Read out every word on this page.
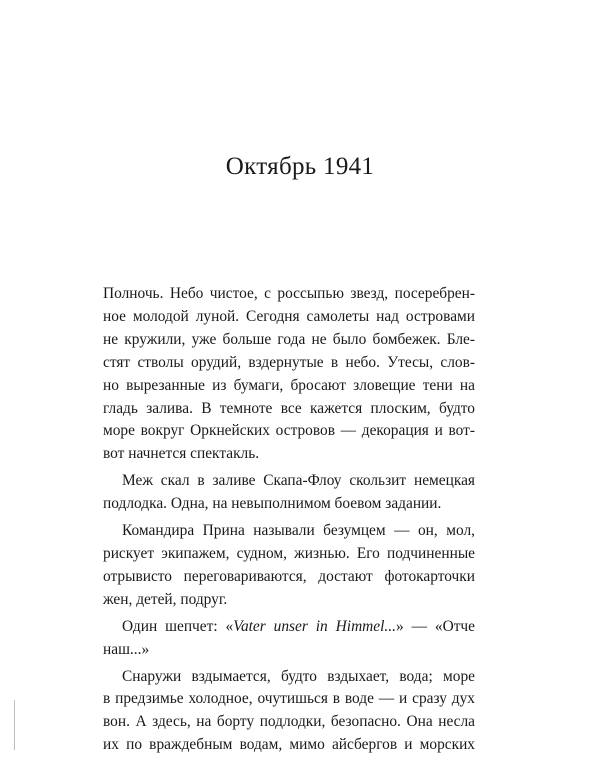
Октябрь 1941
Полночь. Небо чистое, с россыпью звезд, посеребрен-
ное молодой луной. Сегодня самолеты над островами
не кружили, уже больше года не было бомбежек. Бле-
стят стволы орудий, вздернутые в небо. Утесы, слов-
но вырезанные из бумаги, бросают зловещие тени на
гладь залива. В темноте все кажется плоским, будто
море вокруг Оркнейских островов — декорация и вот-
вот начнется спектакль.
Меж скал в заливе Скапа-Флоу скользит немецкая
подлодка. Одна, на невыполнимом боевом задании.
Командира Прина называли безумцем — он, мол,
рискует экипажем, судном, жизнью. Его подчиненные
отрывисто переговариваются, достают фотокарточки
жен, детей, подруг.
Один шепчет: «Vater unser in Himmel...» — «Отче
наш...»
Снаружи вздымается, будто вздыхает, вода; море
в предзимье холодное, очутишься в воде — и сразу дух
вон. А здесь, на борту подлодки, безопасно. Она несла
их по враждебным водам, мимо айсбергов и морских
